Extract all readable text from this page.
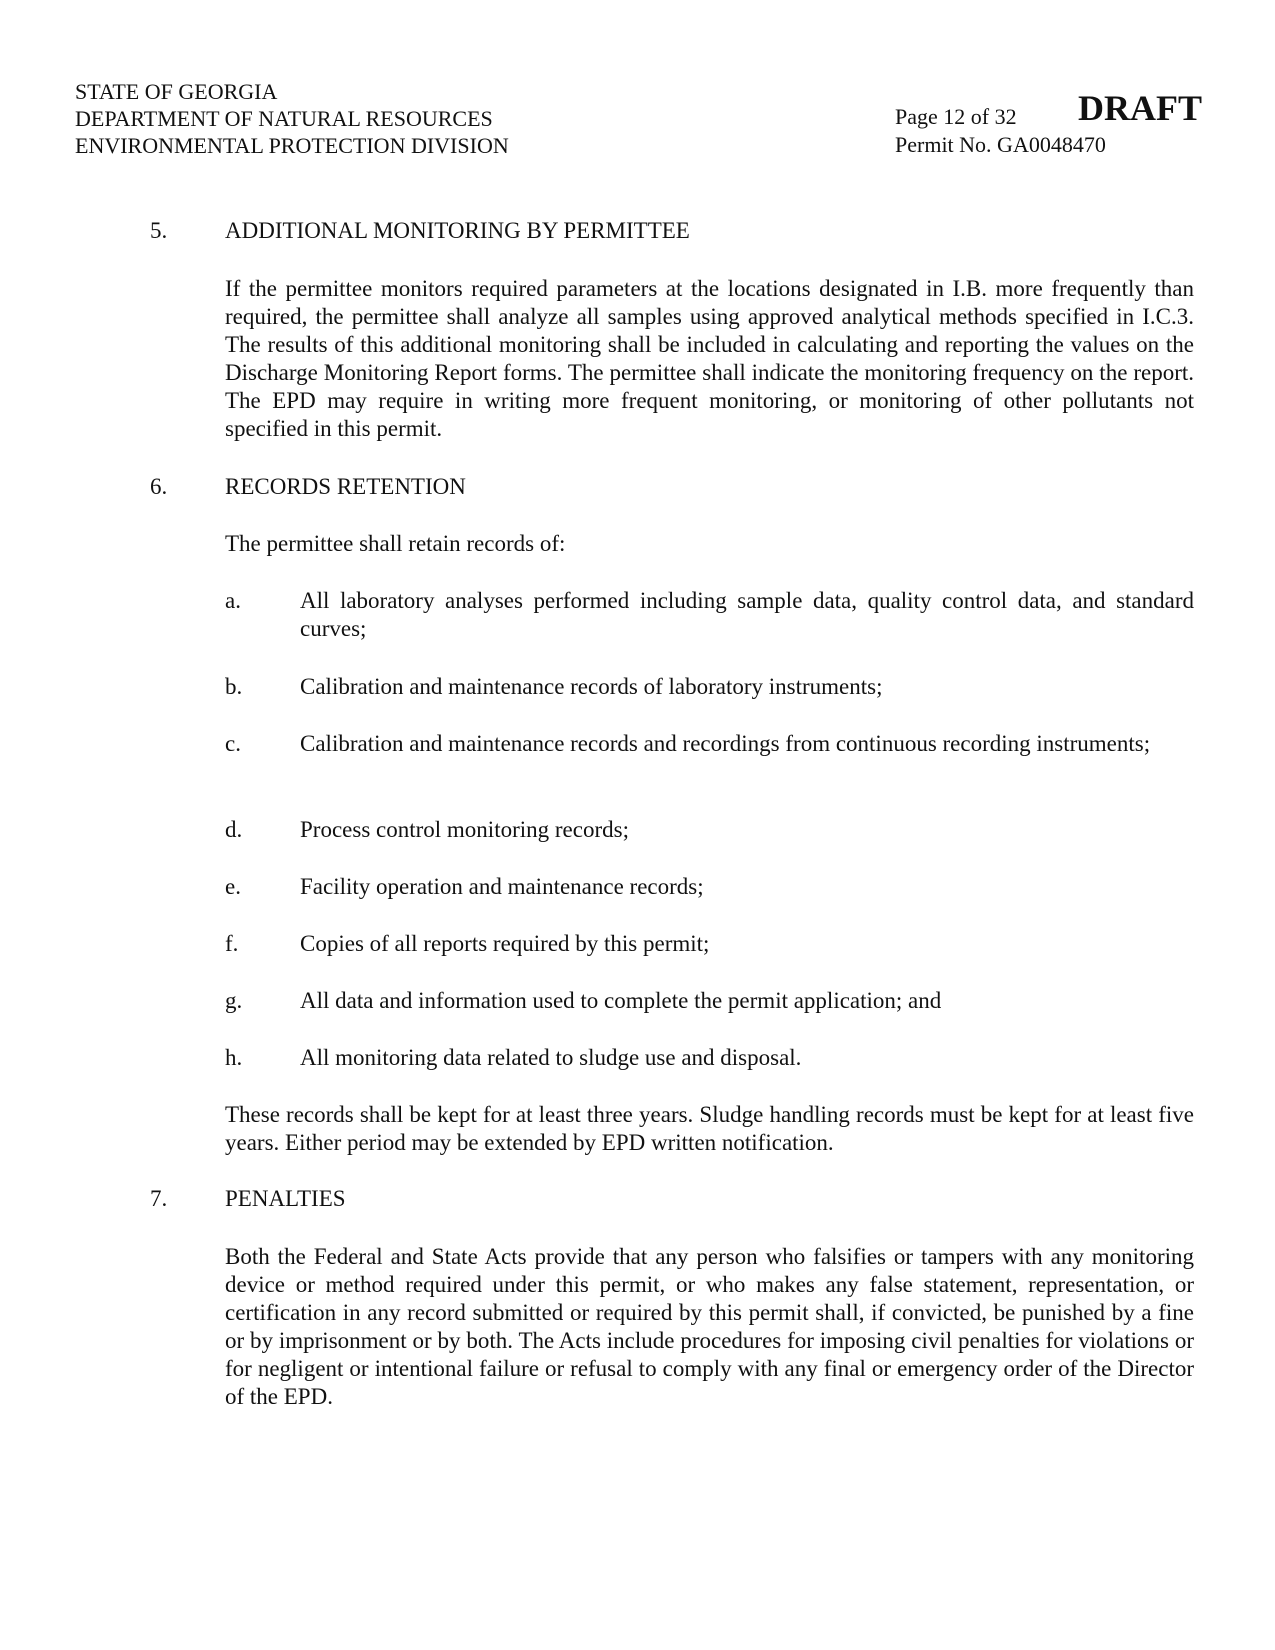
STATE OF GEORGIA
DEPARTMENT OF NATURAL RESOURCES
ENVIRONMENTAL PROTECTION DIVISION
Page 12 of 32
Permit No. GA0048470
DRAFT
5.	ADDITIONAL MONITORING BY PERMITTEE

If the permittee monitors required parameters at the locations designated in I.B. more frequently than required, the permittee shall analyze all samples using approved analytical methods specified in I.C.3. The results of this additional monitoring shall be included in calculating and reporting the values on the Discharge Monitoring Report forms. The permittee shall indicate the monitoring frequency on the report. The EPD may require in writing more frequent monitoring, or monitoring of other pollutants not specified in this permit.

6.	RECORDS RETENTION

The permittee shall retain records of:

a.	All laboratory analyses performed including sample data, quality control data, and standard curves;

b.	Calibration and maintenance records of laboratory instruments;

c.	Calibration and maintenance records and recordings from continuous recording instruments;

d.	Process control monitoring records;

e.	Facility operation and maintenance records;

f.	Copies of all reports required by this permit;

g.	All data and information used to complete the permit application; and

h.	All monitoring data related to sludge use and disposal.

These records shall be kept for at least three years. Sludge handling records must be kept for at least five years. Either period may be extended by EPD written notification.

7.	PENALTIES

Both the Federal and State Acts provide that any person who falsifies or tampers with any monitoring device or method required under this permit, or who makes any false statement, representation, or certification in any record submitted or required by this permit shall, if convicted, be punished by a fine or by imprisonment or by both. The Acts include procedures for imposing civil penalties for violations or for negligent or intentional failure or refusal to comply with any final or emergency order of the Director of the EPD.
